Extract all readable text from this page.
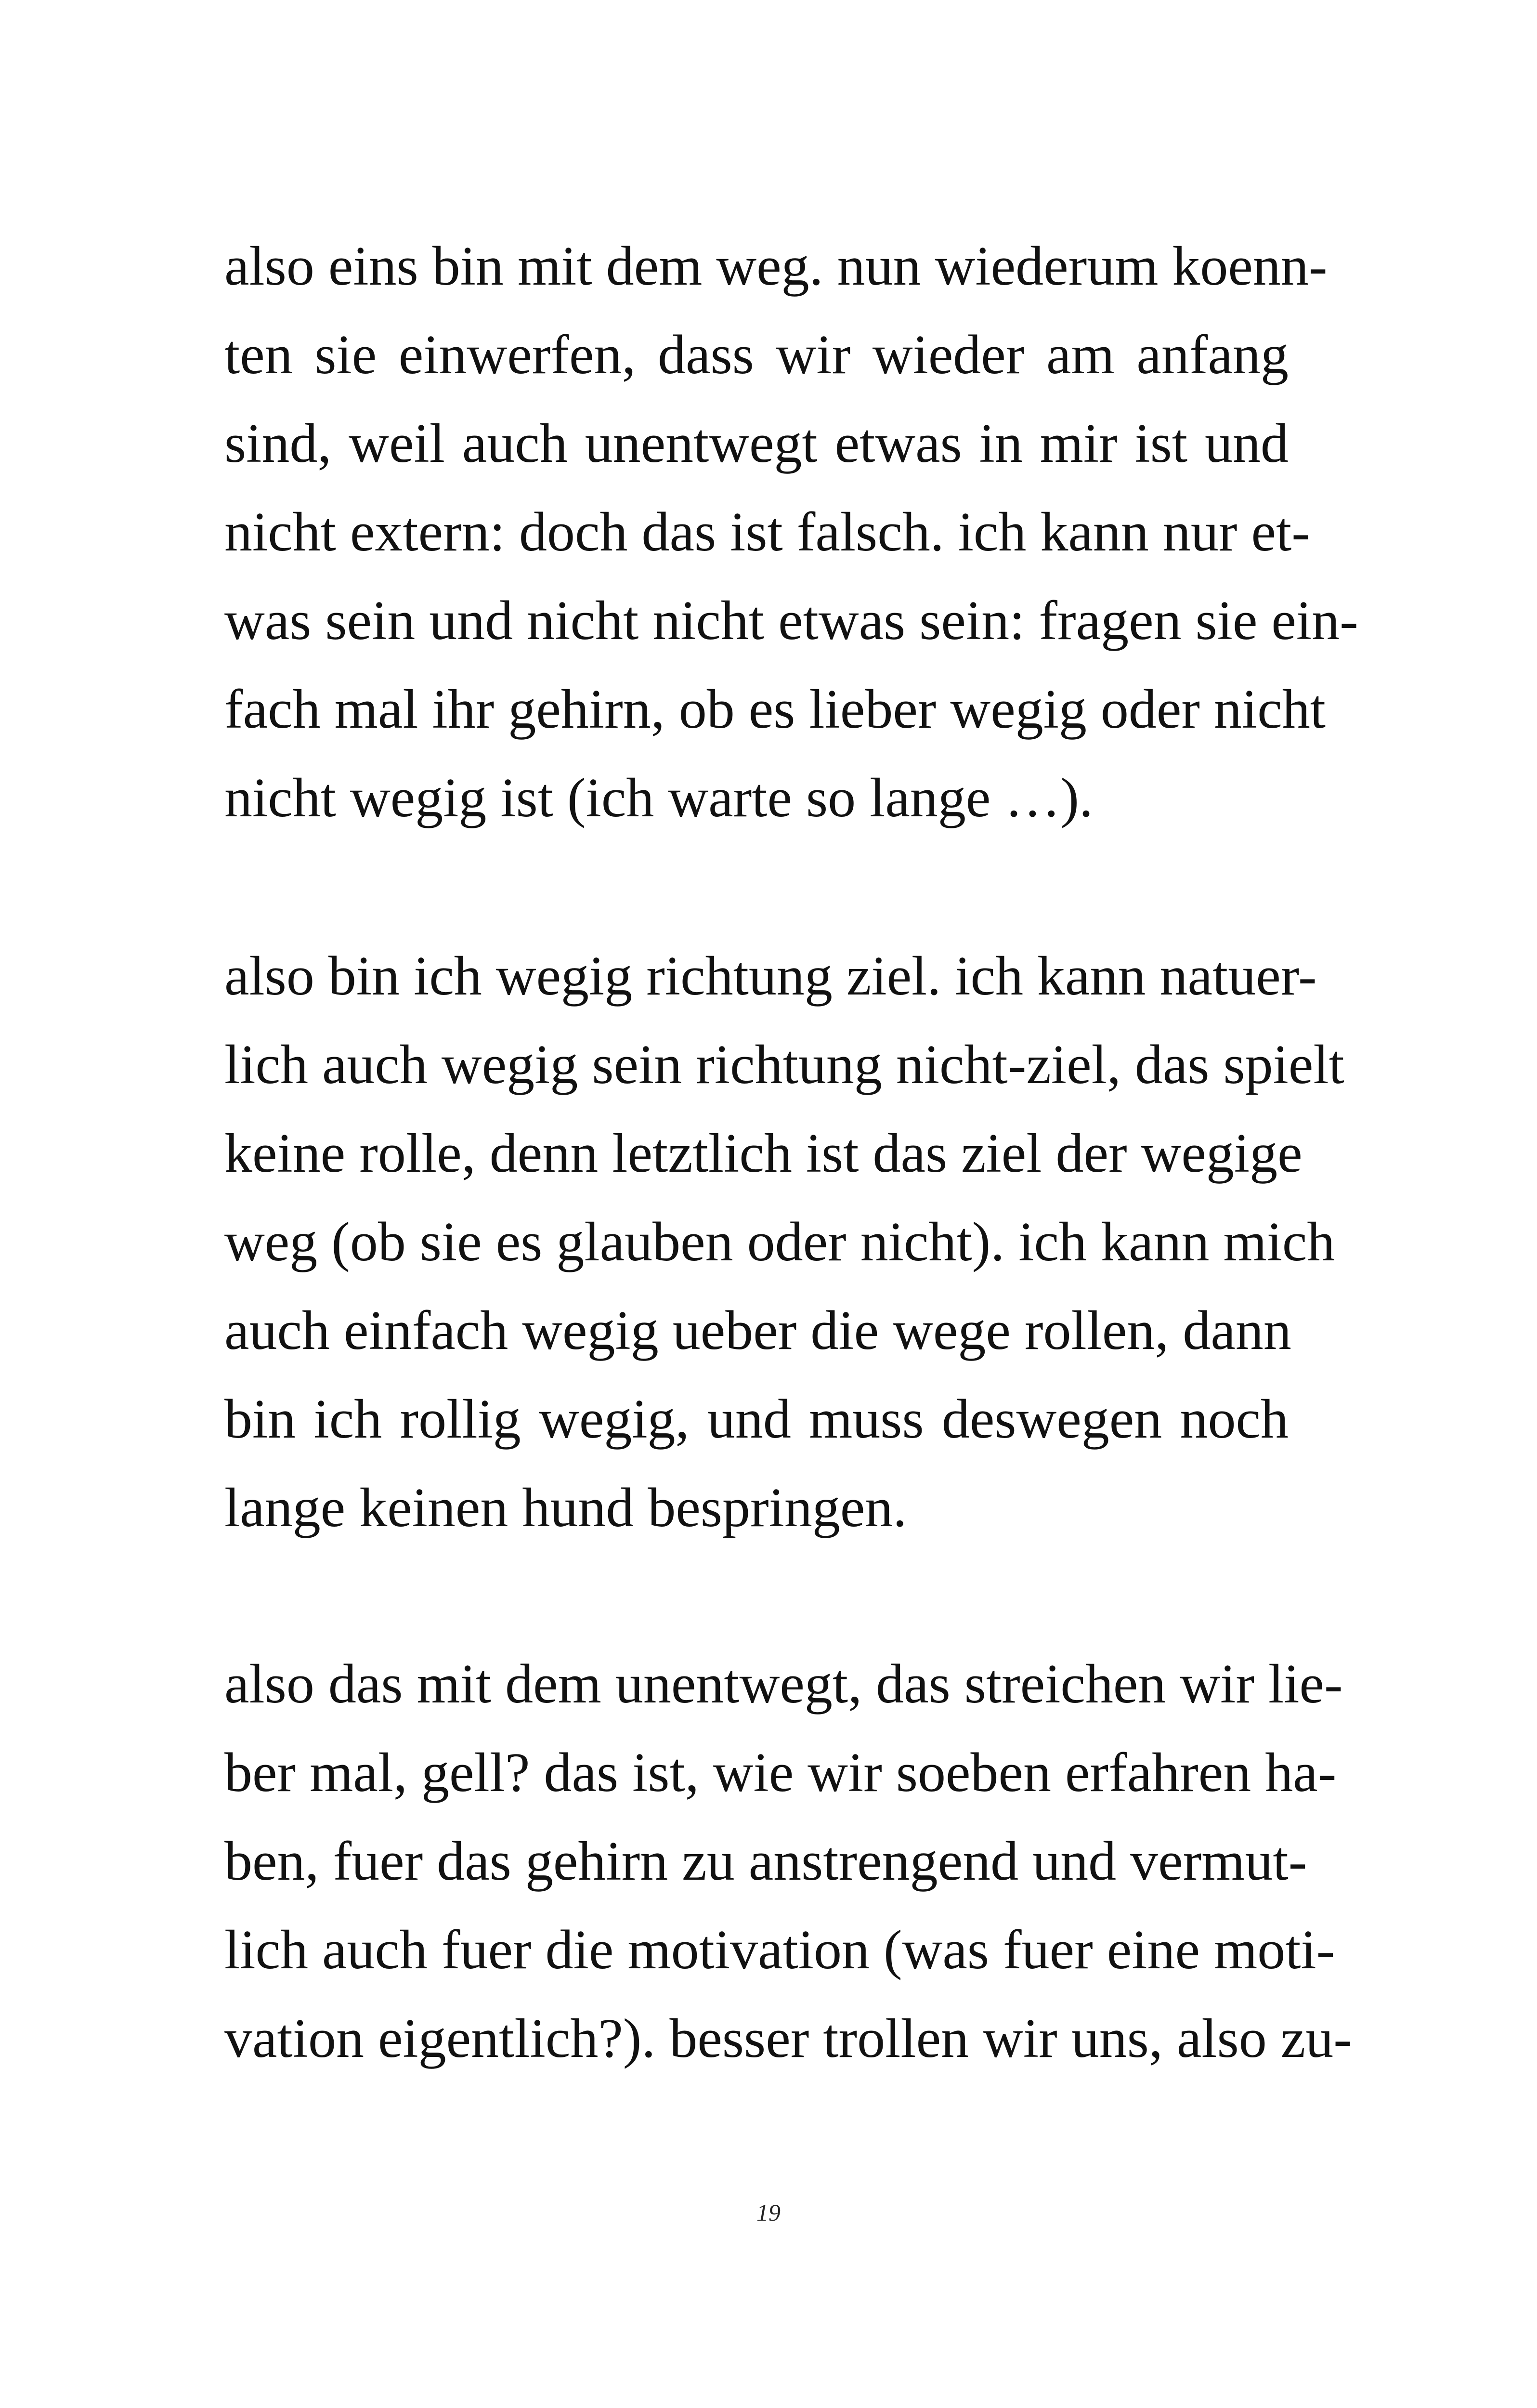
also eins bin mit dem weg. nun wiederum koenn-
ten sie einwerfen, dass wir wieder am anfang
sind, weil auch unentwegt etwas in mir ist und
nicht extern: doch das ist falsch. ich kann nur et-
was sein und nicht nicht etwas sein: fragen sie ein-
fach mal ihr gehirn, ob es lieber wegig oder nicht
nicht wegig ist (ich warte so lange …).
also bin ich wegig richtung ziel. ich kann natuer-
lich auch wegig sein richtung nicht-ziel, das spielt
keine rolle, denn letztlich ist das ziel der wegige
weg (ob sie es glauben oder nicht). ich kann mich
auch einfach wegig ueber die wege rollen, dann
bin ich rollig wegig, und muss deswegen noch
lange keinen hund bespringen.
also das mit dem unentwegt, das streichen wir lie-
ber mal, gell? das ist, wie wir soeben erfahren ha-
ben, fuer das gehirn zu anstrengend und vermut-
lich auch fuer die motivation (was fuer eine moti-
vation eigentlich?). besser trollen wir uns, also zu-
19
